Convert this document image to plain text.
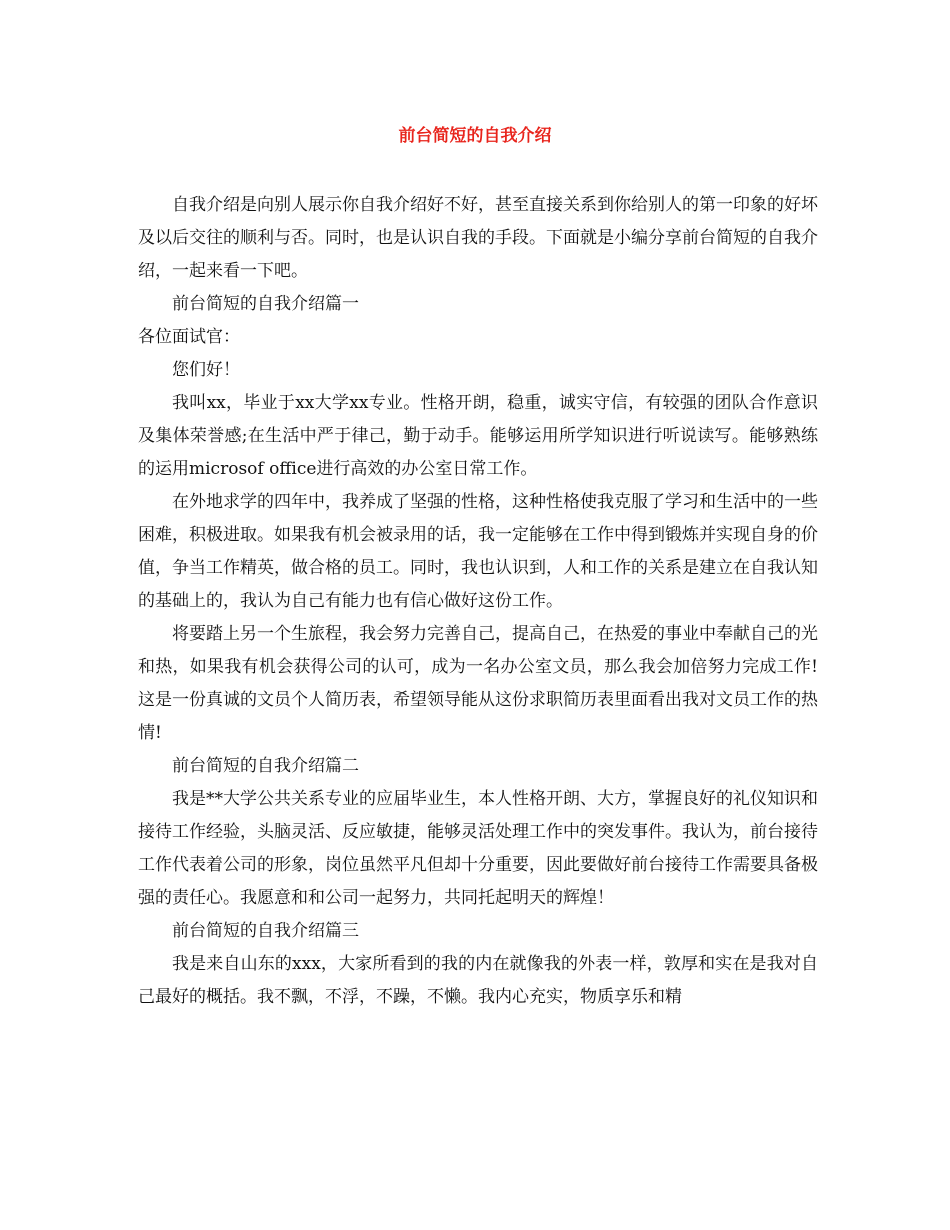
前台简短的自我介绍

自我介绍是向别人展示你自我介绍好不好，甚至直接关系到你给别人的第一印象的好坏及以后交往的顺利与否。同时，也是认识自我的手段。下面就是小编分享前台简短的自我介绍，一起来看一下吧。

前台简短的自我介绍篇一

各位面试官：

您们好！

我叫xx，毕业于xx大学xx专业。性格开朗，稳重，诚实守信，有较强的团队合作意识及集体荣誉感;在生活中严于律己，勤于动手。能够运用所学知识进行听说读写。能够熟练的运用microsof office进行高效的办公室日常工作。

在外地求学的四年中，我养成了坚强的性格，这种性格使我克服了学习和生活中的一些困难，积极进取。如果我有机会被录用的话，我一定能够在工作中得到锻炼并实现自身的价值，争当工作精英，做合格的员工。同时，我也认识到，人和工作的关系是建立在自我认知的基础上的，我认为自己有能力也有信心做好这份工作。

将要踏上另一个生旅程，我会努力完善自己，提高自己，在热爱的事业中奉献自己的光和热，如果我有机会获得公司的认可，成为一名办公室文员，那么我会加倍努力完成工作!这是一份真诚的文员个人简历表，希望领导能从这份求职简历表里面看出我对文员工作的热情!

前台简短的自我介绍篇二

我是**大学公共关系专业的应届毕业生，本人性格开朗、大方，掌握良好的礼仪知识和接待工作经验，头脑灵活、反应敏捷，能够灵活处理工作中的突发事件。我认为，前台接待工作代表着公司的形象，岗位虽然平凡但却十分重要，因此要做好前台接待工作需要具备极强的责任心。我愿意和和公司一起努力，共同托起明天的辉煌！

前台简短的自我介绍篇三

我是来自山东的xxx，大家所看到的我的内在就像我的外表一样，敦厚和实在是我对自己最好的概括。我不飘，不浮，不躁，不懒。我内心充实，物质享乐和精
